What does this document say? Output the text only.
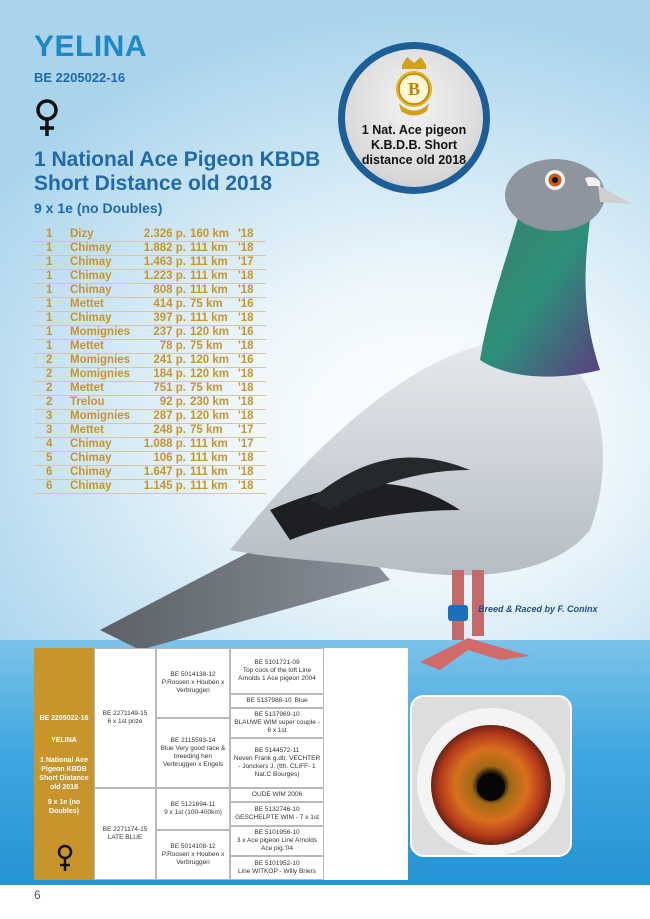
YELINA
BE 2205022-16
1 National Ace Pigeon KBDB
Short Distance old 2018
9 x 1e (no Doubles)
1	Dizy	2.326 p. 160 km '18
1	Chimay	1.882 p. 111 km '18
1	Chimay	1.463 p. 111 km '17
1	Chimay	1.223 p. 111 km '18
1	Chimay	808 p. 111 km '18
1	Mettet	414 p. 75 km	'16
1	Chimay	397 p. 111 km '18
1	Momignies	237 p. 120 km '16
1	Mettet	78 p. 75 km	'18
2	Momignies	241 p. 120 km '16
2	Momignies	184 p. 120 km '18
2	Mettet	751 p. 75 km	'18
2	Trelou	92 p. 230 km '18
3	Momignies	287 p. 120 km '18
3	Mettet	248 p. 75 km	'17
4	Chimay	1.088 p. 111 km '17
5	Chimay	106 p. 111 km '18
6	Chimay	1.647 p. 111 km '18
6	Chimay	1.145 p. 111 km '18
B
1 Nat. Ace pigeon K.B.D.B. Short distance old 2018
Breed & Raced by F. Coninx
BE 2205022-16
YELINA
1 National Ace Pigeon KBDB Short Distance old 2018
9 x 1e (no Doubles)
BE 2271149-15
6 x 1st prize
BE 2271174-15
LATE BLUE
BE 5014138-12
P.Roosen x Houben x Verbruggen
BE 2115593-14
Blue Very good race & breeding hen Verbruggen x Engels
BE 5121694-11
9 x 1st (100-400km)
BE 5014108-12
P.Roosen x Houben x Verbruggen
BE 5101721-09
Top cock of the loft Line Arnolds 1 Ace pigeon 2004
BE 5137988-10 Blue
BE 5137969-10
BLAUWE WIM super couple - 6 x 1st
BE 5144572-11
Neven Frank g.dtr. VECHTER - Jonckers J. (tth. CLIFF- 1 Nat.C Bourges)
OUDE WIM 2006
BE 5132746-10
GESCHELPTE WIM - 7 x 1st
BE 5101956-10
3 x Ace pigeon Line Arnolds Ace pig.'04
BE 5101952-10
Line WITKOP - Willy Briers
6
